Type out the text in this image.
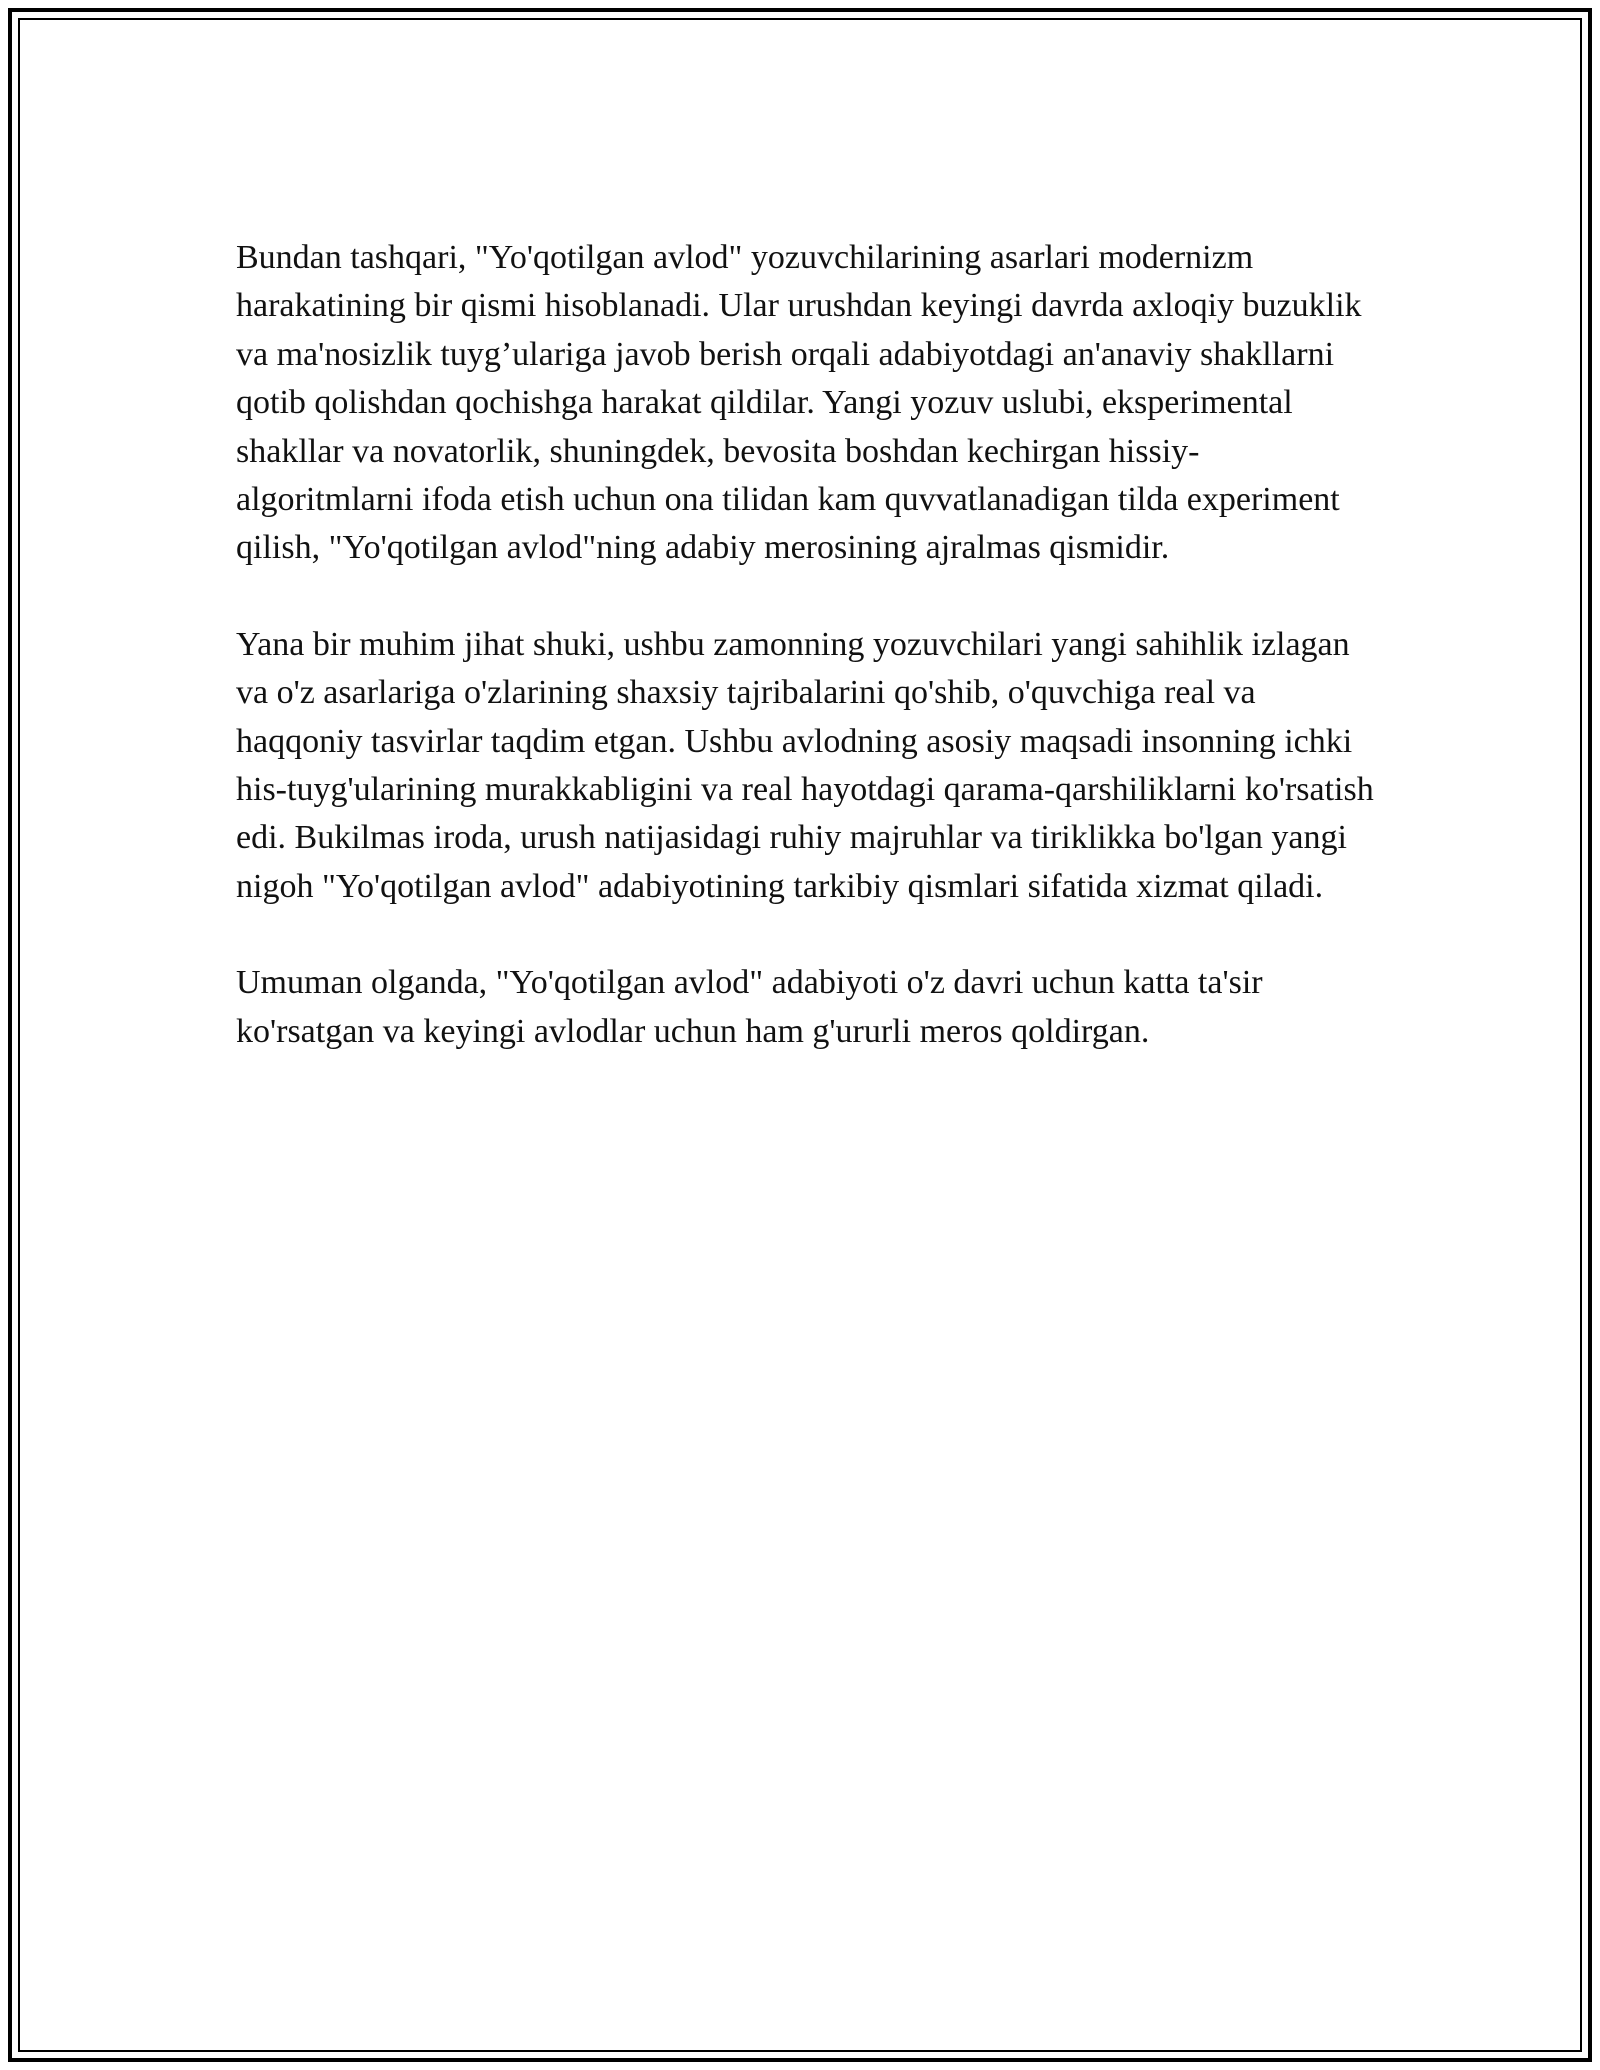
Bundan tashqari, "Yo'qotilgan avlod" yozuvchilarining asarlari modernizm harakatining bir qismi hisoblanadi. Ular urushdan keyingi davrda axloqiy buzuklik va ma'nosizlik tuyg’ulariga javob berish orqali adabiyotdagi an'anaviy shakllarni qotib qolishdan qochishga harakat qildilar. Yangi yozuv uslubi, eksperimental shakllar va novatorlik, shuningdek, bevosita boshdan kechirgan hissiy-algoritmlarni ifoda etish uchun ona tilidan kam quvvatlanadigan tilda experiment qilish, "Yo'qotilgan avlod"ning adabiy merosining ajralmas qismidir.

Yana bir muhim jihat shuki, ushbu zamonning yozuvchilari yangi sahihlik izlagan va o'z asarlariga o'zlarining shaxsiy tajribalarini qo'shib, o'quvchiga real va haqqoniy tasvirlar taqdim etgan. Ushbu avlodning asosiy maqsadi insonning ichki his-tuyg'ularining murakkabligini va real hayotdagi qarama-qarshiliklarni ko'rsatish edi. Bukilmas iroda, urush natijasidagi ruhiy majruhlar va tiriklikka bo'lgan yangi nigoh "Yo'qotilgan avlod" adabiyotining tarkibiy qismlari sifatida xizmat qiladi.

Umuman olganda, "Yo'qotilgan avlod" adabiyoti o'z davri uchun katta ta'sir ko'rsatgan va keyingi avlodlar uchun ham g'ururli meros qoldirgan.
